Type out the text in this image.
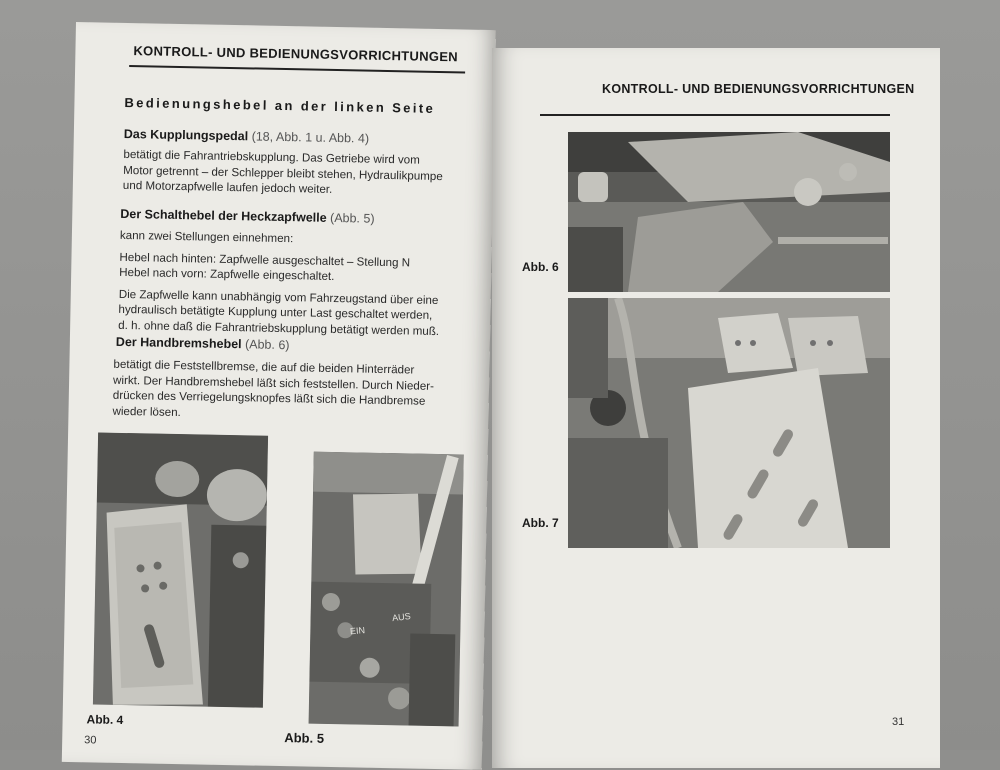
KONTROLL- UND BEDIENUNGSVORRICHTUNGEN
Bedienungshebel an der linken Seite
Das Kupplungspedal (18, Abb. 1 u. Abb. 4)
betätigt die Fahrantriebskupplung. Das Getriebe wird vom
Motor getrennt – der Schlepper bleibt stehen, Hydraulikpumpe
und Motorzapfwelle laufen jedoch weiter.
Der Schalthebel der Heckzapfwelle (Abb. 5)
kann zwei Stellungen einnehmen:
Hebel nach hinten: Zapfwelle ausgeschaltet – Stellung N
Hebel nach vorn: Zapfwelle eingeschaltet.
Die Zapfwelle kann unabhängig vom Fahrzeugstand über eine
hydraulisch betätigte Kupplung unter Last geschaltet werden,
d. h. ohne daß die Fahrantriebskupplung betätigt werden muß.
Der Handbremshebel (Abb. 6)
betätigt die Feststellbremse, die auf die beiden Hinterräder
wirkt. Der Handbremshebel läßt sich feststellen. Durch Nieder-
drücken des Verriegelungsknopfes läßt sich die Handbremse
wieder lösen.
Abb. 4
EIN
AUS
Abb. 5
30
KONTROLL- UND BEDIENUNGSVORRICHTUNGEN
Abb. 6
Abb. 7
31
